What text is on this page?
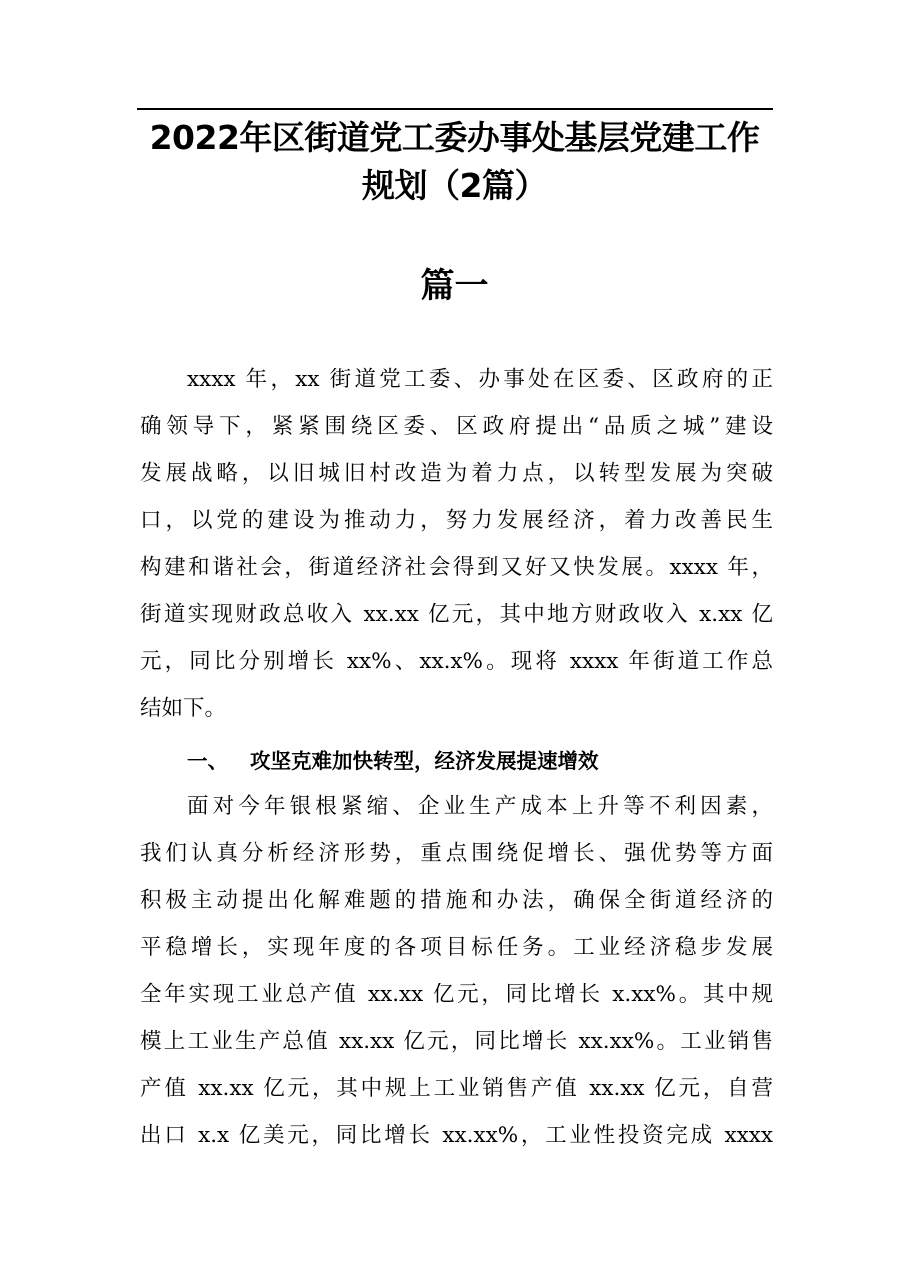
2022年区街道党工委办事处基层党建工作
规划（2篇）
篇一
xxxx 年，xx 街道党工委、办事处在区委、区政府的正
确领导下，紧紧围绕区委、区政府提出“品质之城”建设
发展战略，以旧城旧村改造为着力点，以转型发展为突破
口，以党的建设为推动力，努力发展经济，着力改善民生
构建和谐社会，街道经济社会得到又好又快发展。xxxx 年，
街道实现财政总收入 xx.xx 亿元，其中地方财政收入 x.xx 亿
元，同比分别增长 xx%、xx.x%。现将 xxxx 年街道工作总
结如下。
一、 攻坚克难加快转型，经济发展提速增效
面对今年银根紧缩、企业生产成本上升等不利因素，
我们认真分析经济形势，重点围绕促增长、强优势等方面
积极主动提出化解难题的措施和办法，确保全街道经济的
平稳增长，实现年度的各项目标任务。工业经济稳步发展
全年实现工业总产值 xx.xx 亿元，同比增长 x.xx%。其中规
模上工业生产总值 xx.xx 亿元，同比增长 xx.xx%。工业销售
产值 xx.xx 亿元，其中规上工业销售产值 xx.xx 亿元，自营
出口 x.x 亿美元，同比增长 xx.xx%，工业性投资完成 xxxx
